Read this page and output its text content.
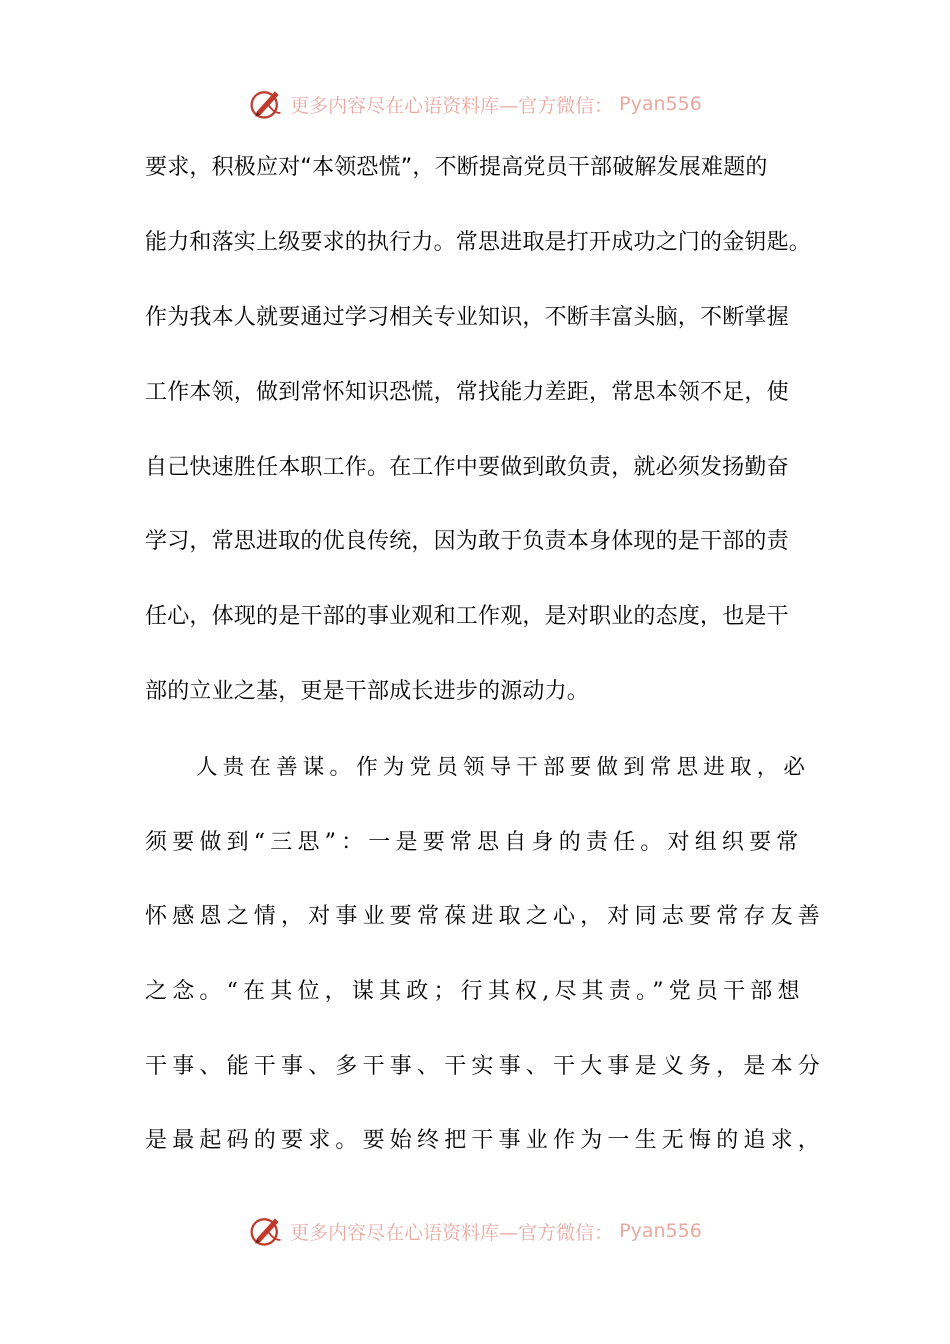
更多内容尽在心语资料库—官方微信： Pyan556
要求，积极应对“本领恐慌”，不断提高党员干部破解发展难题的
能力和落实上级要求的执行力。常思进取是打开成功之门的金钥匙。
作为我本人就要通过学习相关专业知识，不断丰富头脑，不断掌握
工作本领，做到常怀知识恐慌，常找能力差距，常思本领不足，使
自己快速胜任本职工作。在工作中要做到敢负责，就必须发扬勤奋
学习，常思进取的优良传统，因为敢于负责本身体现的是干部的责
任心，体现的是干部的事业观和工作观，是对职业的态度，也是干
部的立业之基，更是干部成长进步的源动力。
人贵在善谋。作为党员领导干部要做到常思进取，必
须要做到“三思”：一是要常思自身的责任。对组织要常
怀感恩之情，对事业要常葆进取之心，对同志要常存友善
之念。“在其位，谋其政；行其权,尽其责。”党员干部想
干事、能干事、多干事、干实事、干大事是义务，是本分
是最起码的要求。要始终把干事业作为一生无悔的追求，
更多内容尽在心语资料库—官方微信： Pyan556
